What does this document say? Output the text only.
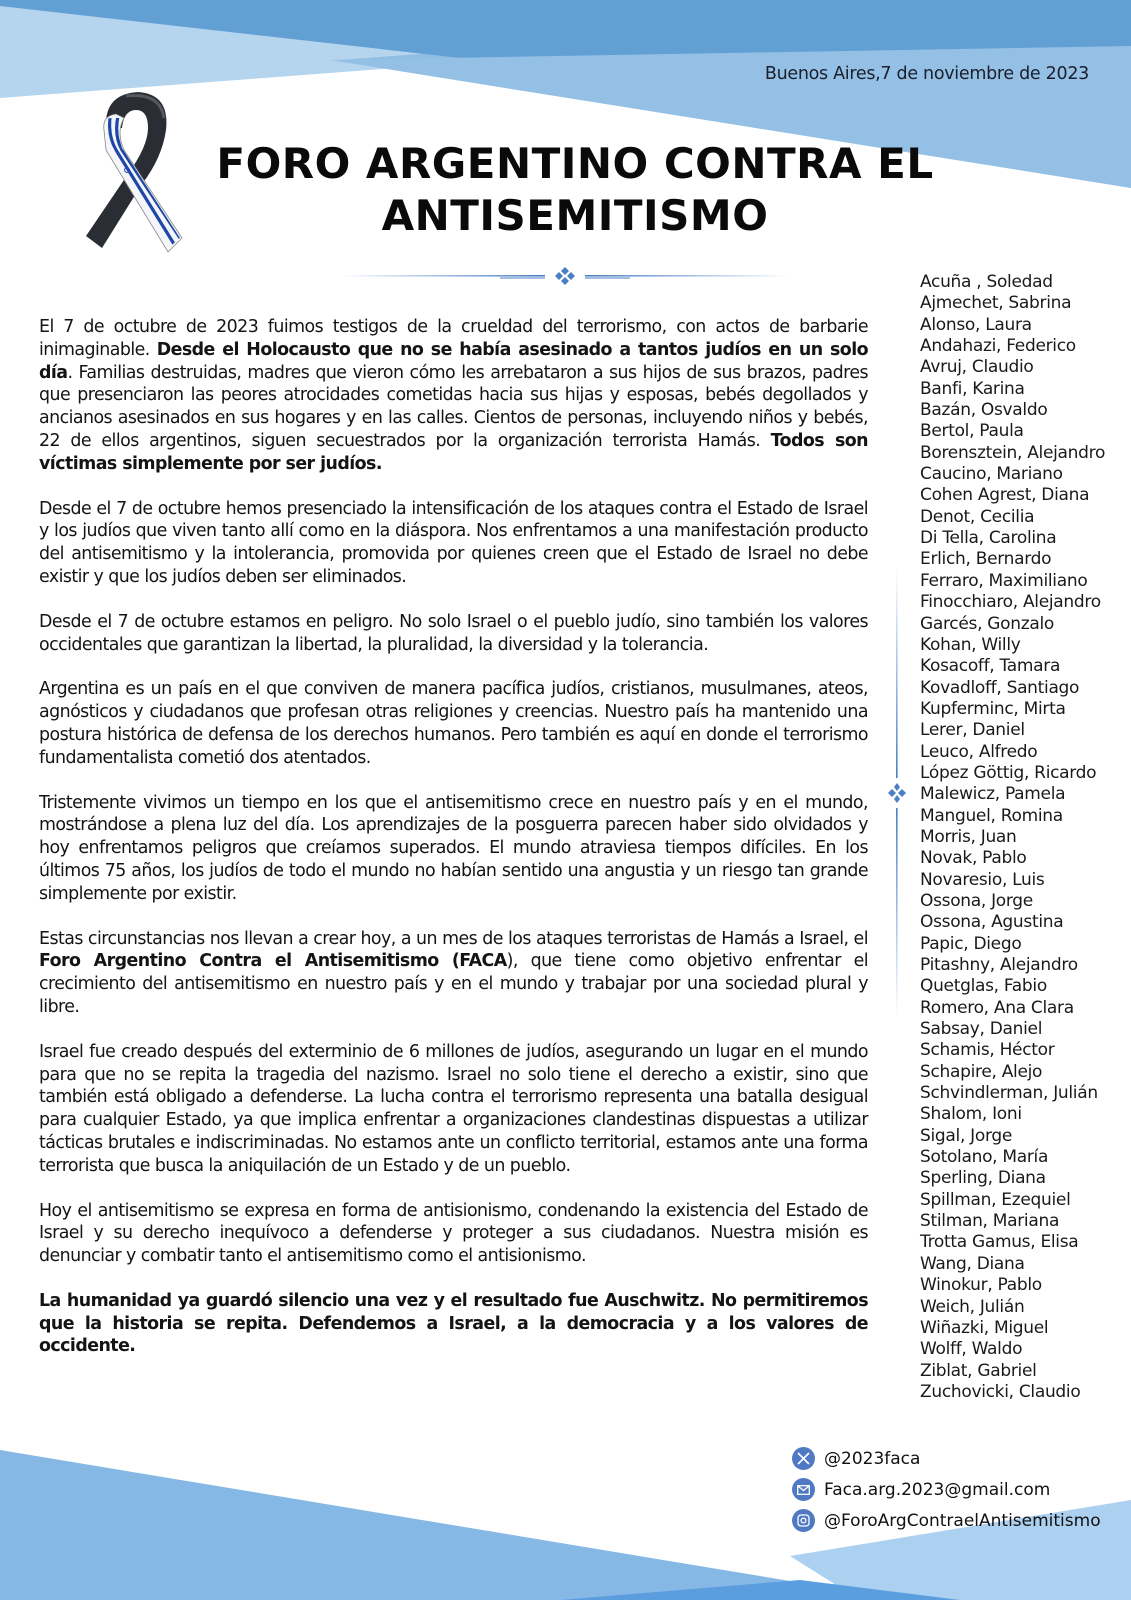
Buenos Aires,7 de noviembre de 2023
FORO ARGENTINO CONTRA EL
ANTISEMITISMO

El 7 de octubre de 2023 fuimos testigos de la crueldad del terrorismo, con actos de barbarie inimaginable. Desde el Holocausto que no se había asesinado a tantos judíos en un solo día. Familias destruidas, madres que vieron cómo les arrebataron a sus hijos de sus brazos, padres que presenciaron las peores atrocidades cometidas hacia sus hijas y esposas, bebés degollados y ancianos asesinados en sus hogares y en las calles. Cientos de personas, incluyendo niños y bebés, 22 de ellos argentinos, siguen secuestrados por la organización terrorista Hamás. Todos son víctimas simplemente por ser judíos.

Desde el 7 de octubre hemos presenciado la intensificación de los ataques contra el Estado de Israel y los judíos que viven tanto allí como en la diáspora. Nos enfrentamos a una manifestación producto del antisemitismo y la intolerancia, promovida por quienes creen que el Estado de Israel no debe existir y que los judíos deben ser eliminados.

Desde el 7 de octubre estamos en peligro. No solo Israel o el pueblo judío, sino también los valores occidentales que garantizan la libertad, la pluralidad, la diversidad y la tolerancia.

Argentina es un país en el que conviven de manera pacífica judíos, cristianos, musulmanes, ateos, agnósticos y ciudadanos que profesan otras religiones y creencias. Nuestro país ha mantenido una postura histórica de defensa de los derechos humanos. Pero también es aquí en donde el terrorismo fundamentalista cometió dos atentados.

Tristemente vivimos un tiempo en los que el antisemitismo crece en nuestro país y en el mundo, mostrándose a plena luz del día. Los aprendizajes de la posguerra parecen haber sido olvidados y hoy enfrentamos peligros que creíamos superados. El mundo atraviesa tiempos difíciles. En los últimos 75 años, los judíos de todo el mundo no habían sentido una angustia y un riesgo tan grande simplemente por existir.

Estas circunstancias nos llevan a crear hoy, a un mes de los ataques terroristas de Hamás a Israel, el Foro Argentino Contra el Antisemitismo (FACA), que tiene como objetivo enfrentar el crecimiento del antisemitismo en nuestro país y en el mundo y trabajar por una sociedad plural y libre.

Israel fue creado después del exterminio de 6 millones de judíos, asegurando un lugar en el mundo para que no se repita la tragedia del nazismo. Israel no solo tiene el derecho a existir, sino que también está obligado a defenderse. La lucha contra el terrorismo representa una batalla desigual para cualquier Estado, ya que implica enfrentar a organizaciones clandestinas dispuestas a utilizar tácticas brutales e indiscriminadas. No estamos ante un conflicto territorial, estamos ante una forma terrorista que busca la aniquilación de un Estado y de un pueblo.

Hoy el antisemitismo se expresa en forma de antisionismo, condenando la existencia del Estado de Israel y su derecho inequívoco a defenderse y proteger a sus ciudadanos. Nuestra misión es denunciar y combatir tanto el antisemitismo como el antisionismo.

La humanidad ya guardó silencio una vez y el resultado fue Auschwitz. No permitiremos que la historia se repita. Defendemos a Israel, a la democracia y a los valores de occidente.

Acuña , Soledad
Ajmechet, Sabrina
Alonso, Laura
Andahazi, Federico
Avruj, Claudio
Banfi, Karina
Bazán, Osvaldo
Bertol, Paula
Borensztein, Alejandro
Caucino, Mariano
Cohen Agrest, Diana
Denot, Cecilia
Di Tella, Carolina
Erlich, Bernardo
Ferraro, Maximiliano
Finocchiaro, Alejandro
Garcés, Gonzalo
Kohan, Willy
Kosacoff, Tamara
Kovadloff, Santiago
Kupferminc, Mirta
Lerer, Daniel
Leuco, Alfredo
López Göttig, Ricardo
Malewicz, Pamela
Manguel, Romina
Morris, Juan
Novak, Pablo
Novaresio, Luis
Ossona, Jorge
Ossona, Agustina
Papic, Diego
Pitashny, Alejandro
Quetglas, Fabio
Romero, Ana Clara
Sabsay, Daniel
Schamis, Héctor
Schapire, Alejo
Schvindlerman, Julián
Shalom, Ioni
Sigal, Jorge
Sotolano, María
Sperling, Diana
Spillman, Ezequiel
Stilman, Mariana
Trotta Gamus, Elisa
Wang, Diana
Winokur, Pablo
Weich, Julián
Wiñazki, Miguel
Wolff, Waldo
Ziblat, Gabriel
Zuchovicki, Claudio
@2023faca
Faca.arg.2023@gmail.com
@ForoArgContraelAntisemitismo
